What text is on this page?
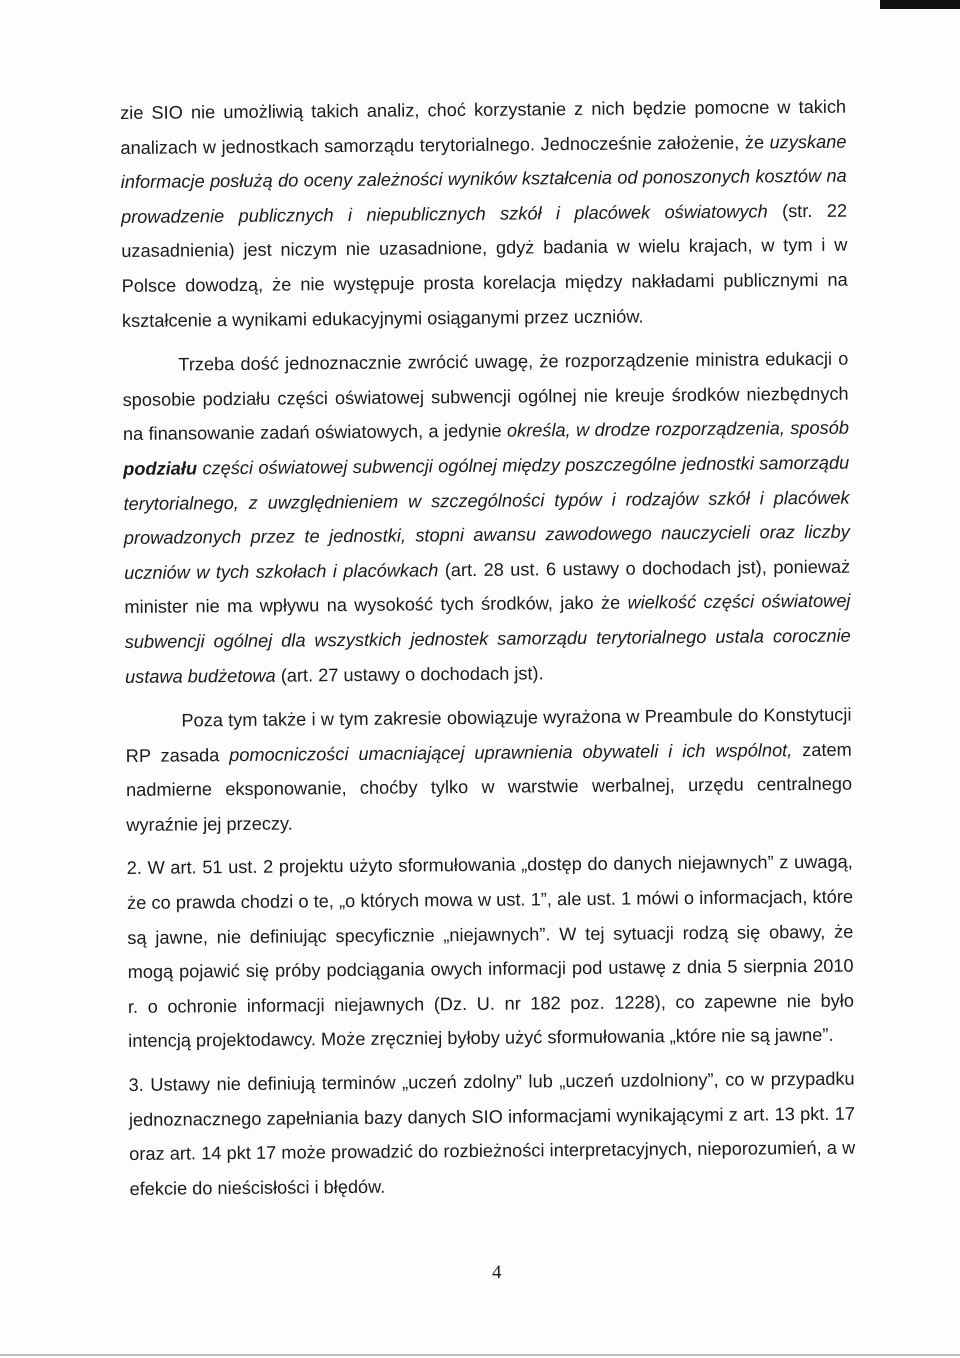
zie SIO nie umożliwią takich analiz, choć korzystanie z nich będzie pomocne w takich analizach w jednostkach samorządu terytorialnego. Jednocześnie założenie, że uzyskane informacje posłużą do oceny zależności wyników kształcenia od ponoszonych kosztów na prowadzenie publicznych i niepublicznych szkół i placówek oświatowych (str. 22 uzasadnienia) jest niczym nie uzasadnione, gdyż badania w wielu krajach, w tym i w Polsce dowodzą, że nie występuje prosta korelacja między nakładami publicznymi na kształcenie a wynikami edukacyjnymi osiąganymi przez uczniów.

Trzeba dość jednoznacznie zwrócić uwagę, że rozporządzenie ministra edukacji o sposobie podziału części oświatowej subwencji ogólnej nie kreuje środków niezbędnych na finansowanie zadań oświatowych, a jedynie określa, w drodze rozporządzenia, sposób podziału części oświatowej subwencji ogólnej między poszczególne jednostki samorządu terytorialnego, z uwzględnieniem w szczególności typów i rodzajów szkół i placówek prowadzonych przez te jednostki, stopni awansu zawodowego nauczycieli oraz liczby uczniów w tych szkołach i placówkach (art. 28 ust. 6 ustawy o dochodach jst), ponieważ minister nie ma wpływu na wysokość tych środków, jako że wielkość części oświatowej subwencji ogólnej dla wszystkich jednostek samorządu terytorialnego ustala corocznie ustawa budżetowa (art. 27 ustawy o dochodach jst).

Poza tym także i w tym zakresie obowiązuje wyrażona w Preambule do Konstytucji RP zasada pomocniczości umacniającej uprawnienia obywateli i ich wspólnot, zatem nadmierne eksponowanie, choćby tylko w warstwie werbalnej, urzędu centralnego wyraźnie jej przeczy.

2. W art. 51 ust. 2 projektu użyto sformułowania „dostęp do danych niejawnych” z uwagą, że co prawda chodzi o te, „o których mowa w ust. 1”, ale ust. 1 mówi o informacjach, które są jawne, nie definiując specyficznie „niejawnych”. W tej sytuacji rodzą się obawy, że mogą pojawić się próby podciągania owych informacji pod ustawę z dnia 5 sierpnia 2010 r. o ochronie informacji niejawnych (Dz. U. nr 182 poz. 1228), co zapewne nie było intencją projektodawcy. Może zręczniej byłoby użyć sformułowania „które nie są jawne”.

3. Ustawy nie definiują terminów „uczeń zdolny” lub „uczeń uzdolniony”, co w przypadku jednoznacznego zapełniania bazy danych SIO informacjami wynikającymi z art. 13 pkt. 17 oraz art. 14 pkt 17 może prowadzić do rozbieżności interpretacyjnych, nieporozumień, a w efekcie do nieścisłości i błędów.

4
